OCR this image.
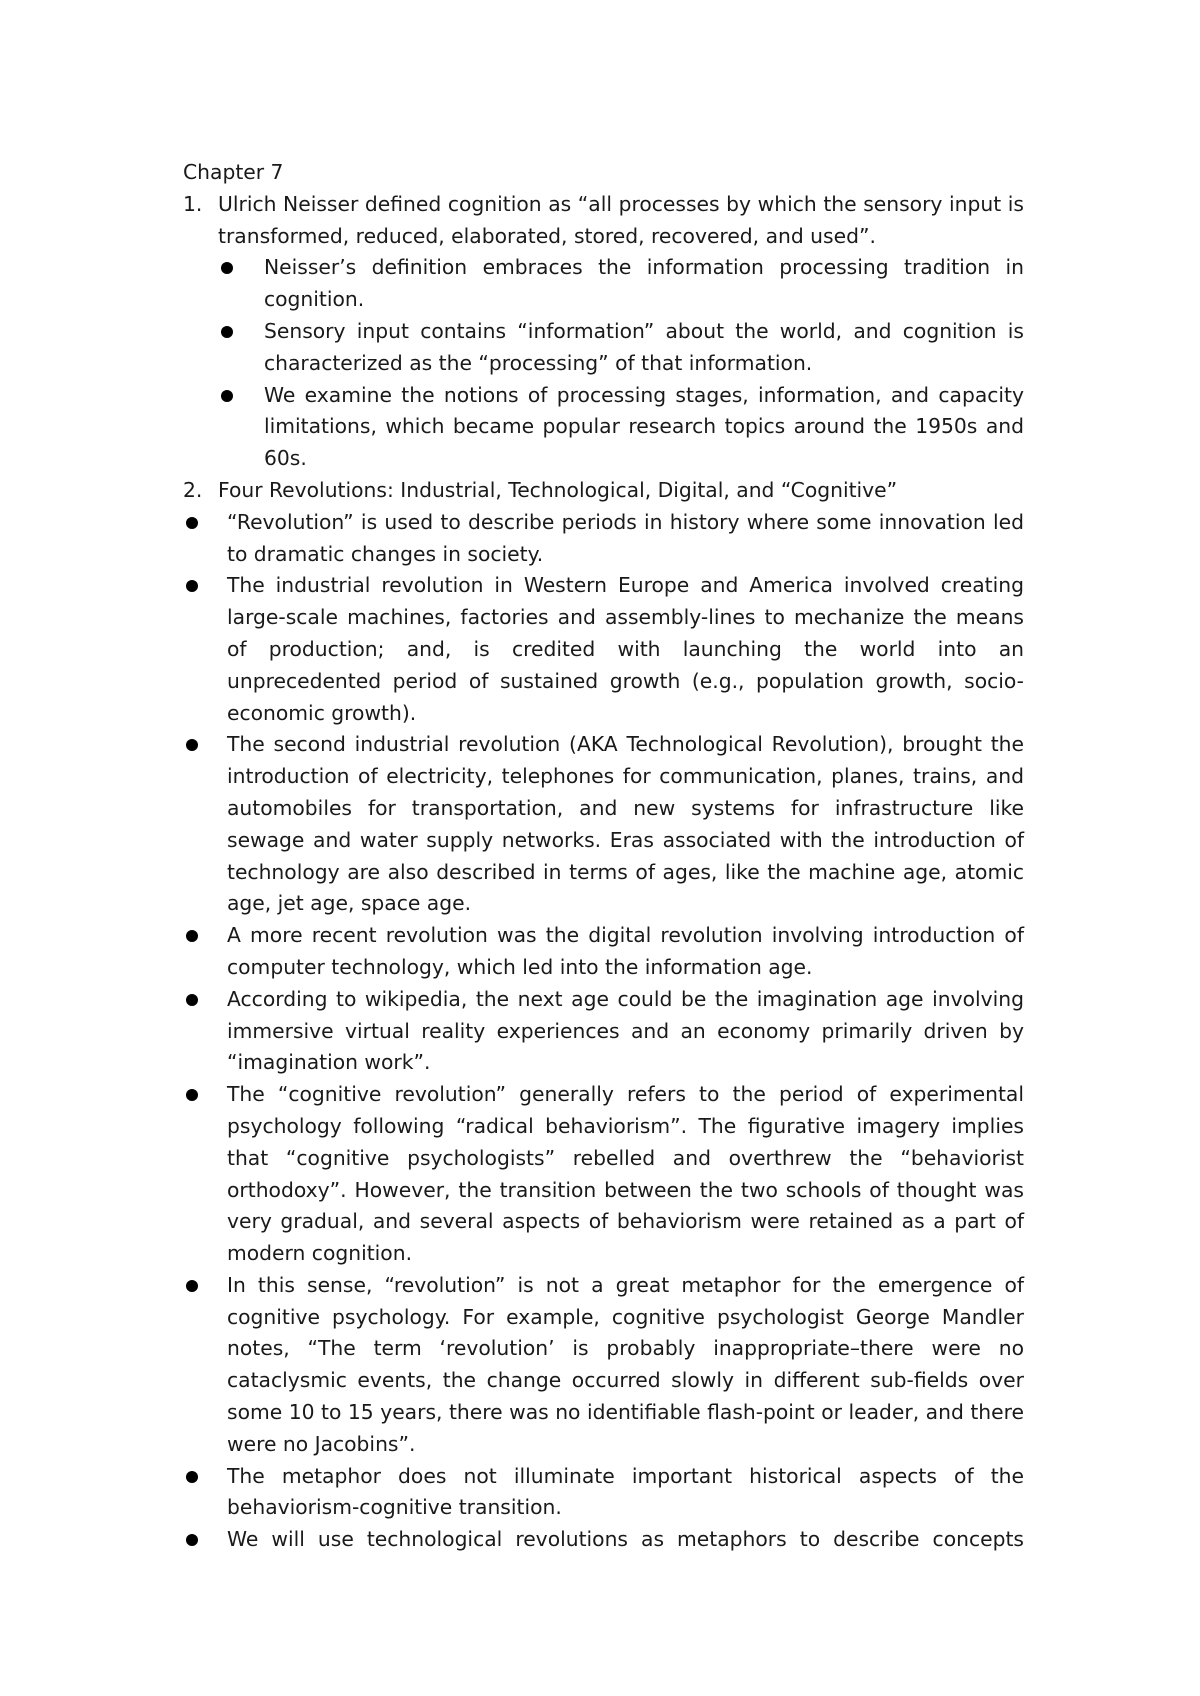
Chapter 7

1. Ulrich Neisser defined cognition as “all processes by which the sensory input is transformed, reduced, elaborated, stored, recovered, and used”.

Neisser’s definition embraces the information processing tradition in cognition.
Sensory input contains “information” about the world, and cognition is characterized as the “processing” of that information.
We examine the notions of processing stages, information, and capacity limitations, which became popular research topics around the 1950s and 60s.
2. Four Revolutions: Industrial, Technological, Digital, and “Cognitive”

“Revolution” is used to describe periods in history where some innovation led to dramatic changes in society.
The industrial revolution in Western Europe and America involved creating large-scale machines, factories and assembly-lines to mechanize the means of production; and, is credited with launching the world into an unprecedented period of sustained growth (e.g., population growth, socio-economic growth).
The second industrial revolution (AKA Technological Revolution), brought the introduction of electricity, telephones for communication, planes, trains, and automobiles for transportation, and new systems for infrastructure like sewage and water supply networks. Eras associated with the introduction of technology are also described in terms of ages, like the machine age, atomic age, jet age, space age.
A more recent revolution was the digital revolution involving introduction of computer technology, which led into the information age.
According to wikipedia, the next age could be the imagination age involving immersive virtual reality experiences and an economy primarily driven by “imagination work”.
The “cognitive revolution” generally refers to the period of experimental psychology following “radical behaviorism”. The figurative imagery implies that “cognitive psychologists” rebelled and overthrew the “behaviorist orthodoxy”. However, the transition between the two schools of thought was very gradual, and several aspects of behaviorism were retained as a part of modern cognition.
In this sense, “revolution” is not a great metaphor for the emergence of cognitive psychology. For example, cognitive psychologist George Mandler notes, “The term ‘revolution’ is probably inappropriate–there were no cataclysmic events, the change occurred slowly in different sub-fields over some 10 to 15 years, there was no identifiable flash-point or leader, and there were no Jacobins”.
The metaphor does not illuminate important historical aspects of the behaviorism-cognitive transition.
We will use technological revolutions as metaphors to describe concepts
